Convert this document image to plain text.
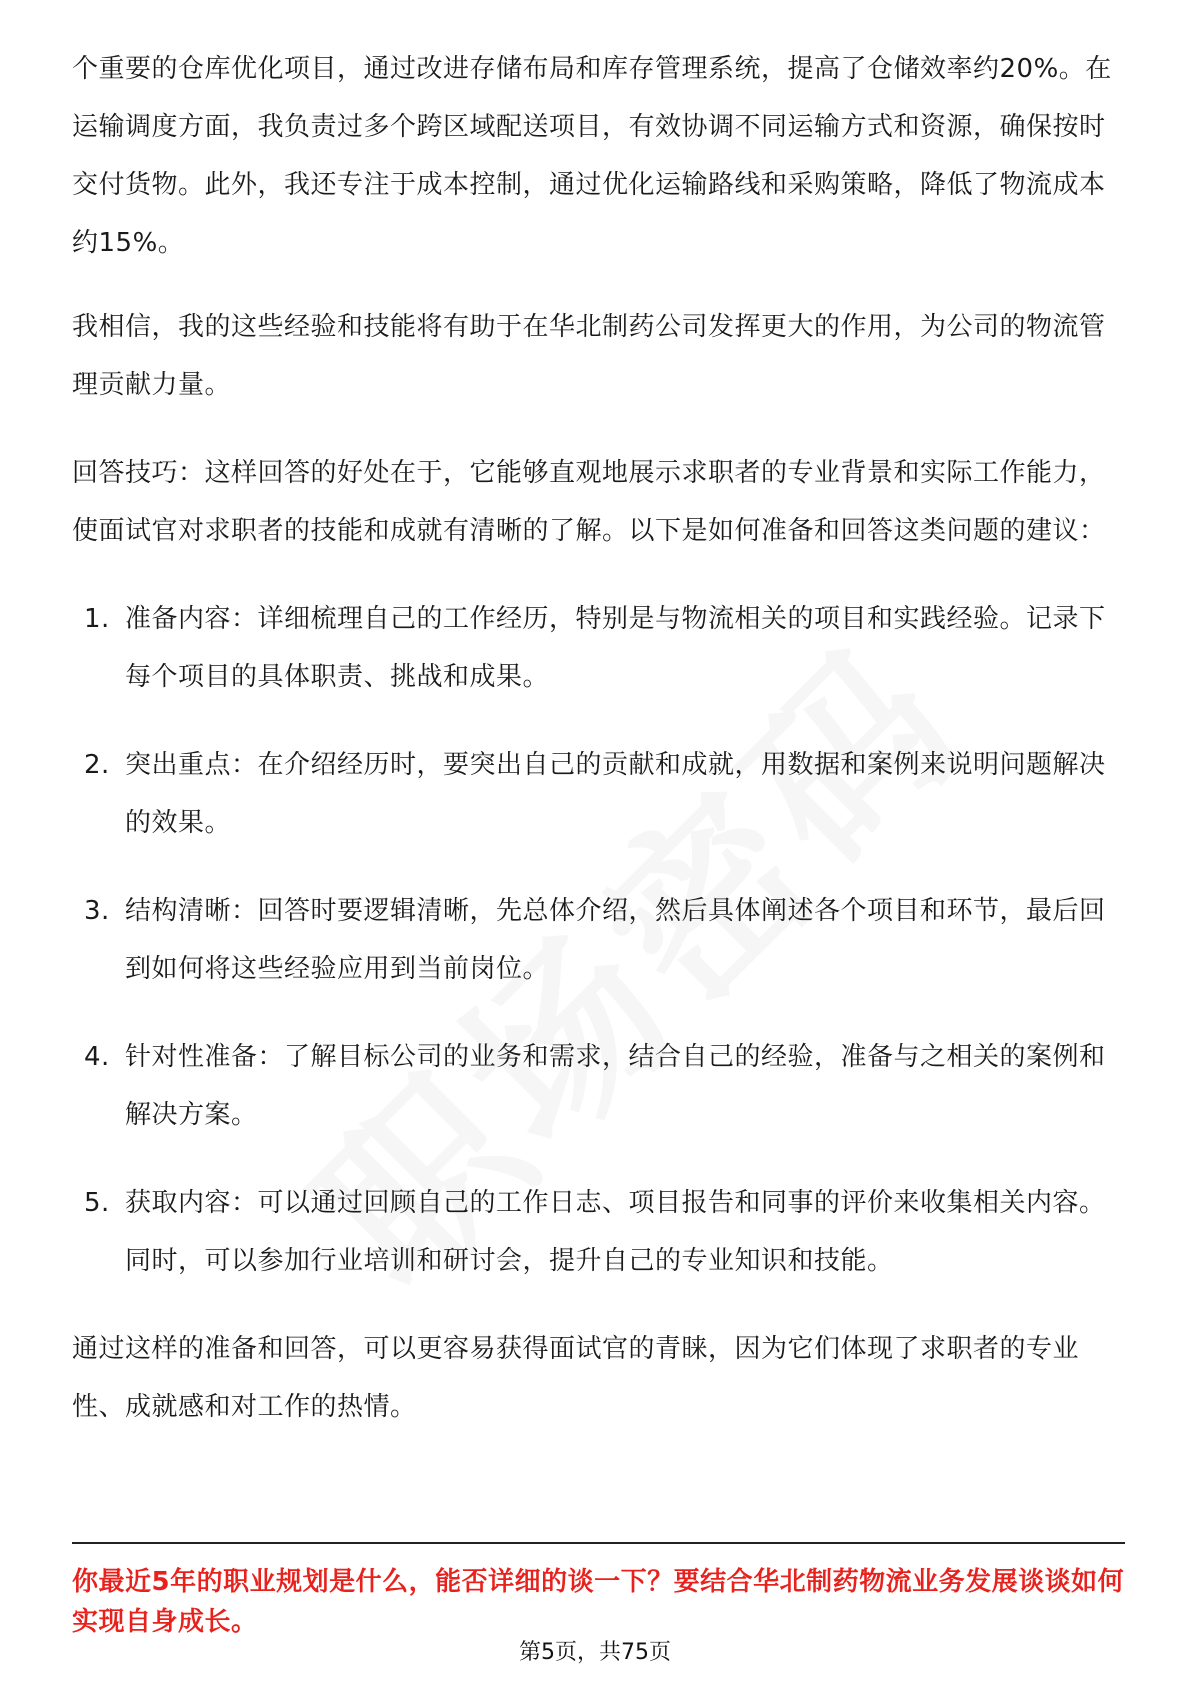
个重要的仓库优化项目，通过改进存储布局和库存管理系统，提高了仓储效率约20%。在运输调度方面，我负责过多个跨区域配送项目，有效协调不同运输方式和资源，确保按时交付货物。此外，我还专注于成本控制，通过优化运输路线和采购策略，降低了物流成本约15%。

我相信，我的这些经验和技能将有助于在华北制药公司发挥更大的作用，为公司的物流管理贡献力量。

回答技巧：这样回答的好处在于，它能够直观地展示求职者的专业背景和实际工作能力，使面试官对求职者的技能和成就有清晰的了解。以下是如何准备和回答这类问题的建议：

1. 准备内容：详细梳理自己的工作经历，特别是与物流相关的项目和实践经验。记录下每个项目的具体职责、挑战和成果。
2. 突出重点：在介绍经历时，要突出自己的贡献和成就，用数据和案例来说明问题解决的效果。
3. 结构清晰：回答时要逻辑清晰，先总体介绍，然后具体阐述各个项目和环节，最后回到如何将这些经验应用到当前岗位。
4. 针对性准备：了解目标公司的业务和需求，结合自己的经验，准备与之相关的案例和解决方案。
5. 获取内容：可以通过回顾自己的工作日志、项目报告和同事的评价来收集相关内容。同时，可以参加行业培训和研讨会，提升自己的专业知识和技能。

通过这样的准备和回答，可以更容易获得面试官的青睐，因为它们体现了求职者的专业性、成就感和对工作的热情。

你最近5年的职业规划是什么，能否详细的谈一下？要结合华北制药物流业务发展谈谈如何实现自身成长。
第5页，共75页
